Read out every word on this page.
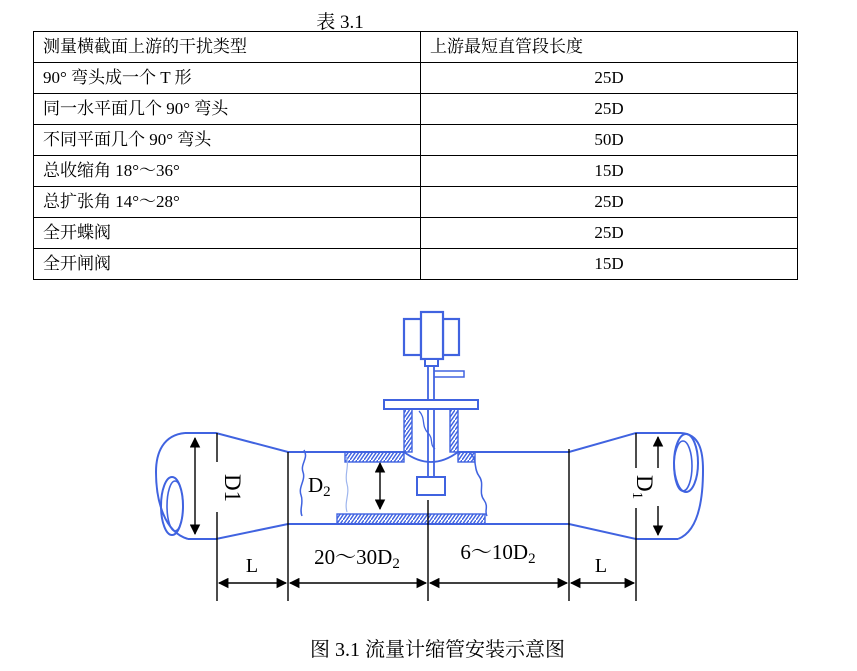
表 3.1
测量横截面上游的干扰类型	上游最短直管段长度
90° 弯头成一个 T 形	25D
同一水平面几个 90° 弯头	25D
不同平面几个 90° 弯头	50D
总收缩角 18°～36°	15D
总扩张角 14°～28°	25D
全开蝶阀	25D
全开闸阀	15D
D1	D2
D1
L	20～30D2	6～10D2	L
图 3.1 流量计缩管安装示意图
